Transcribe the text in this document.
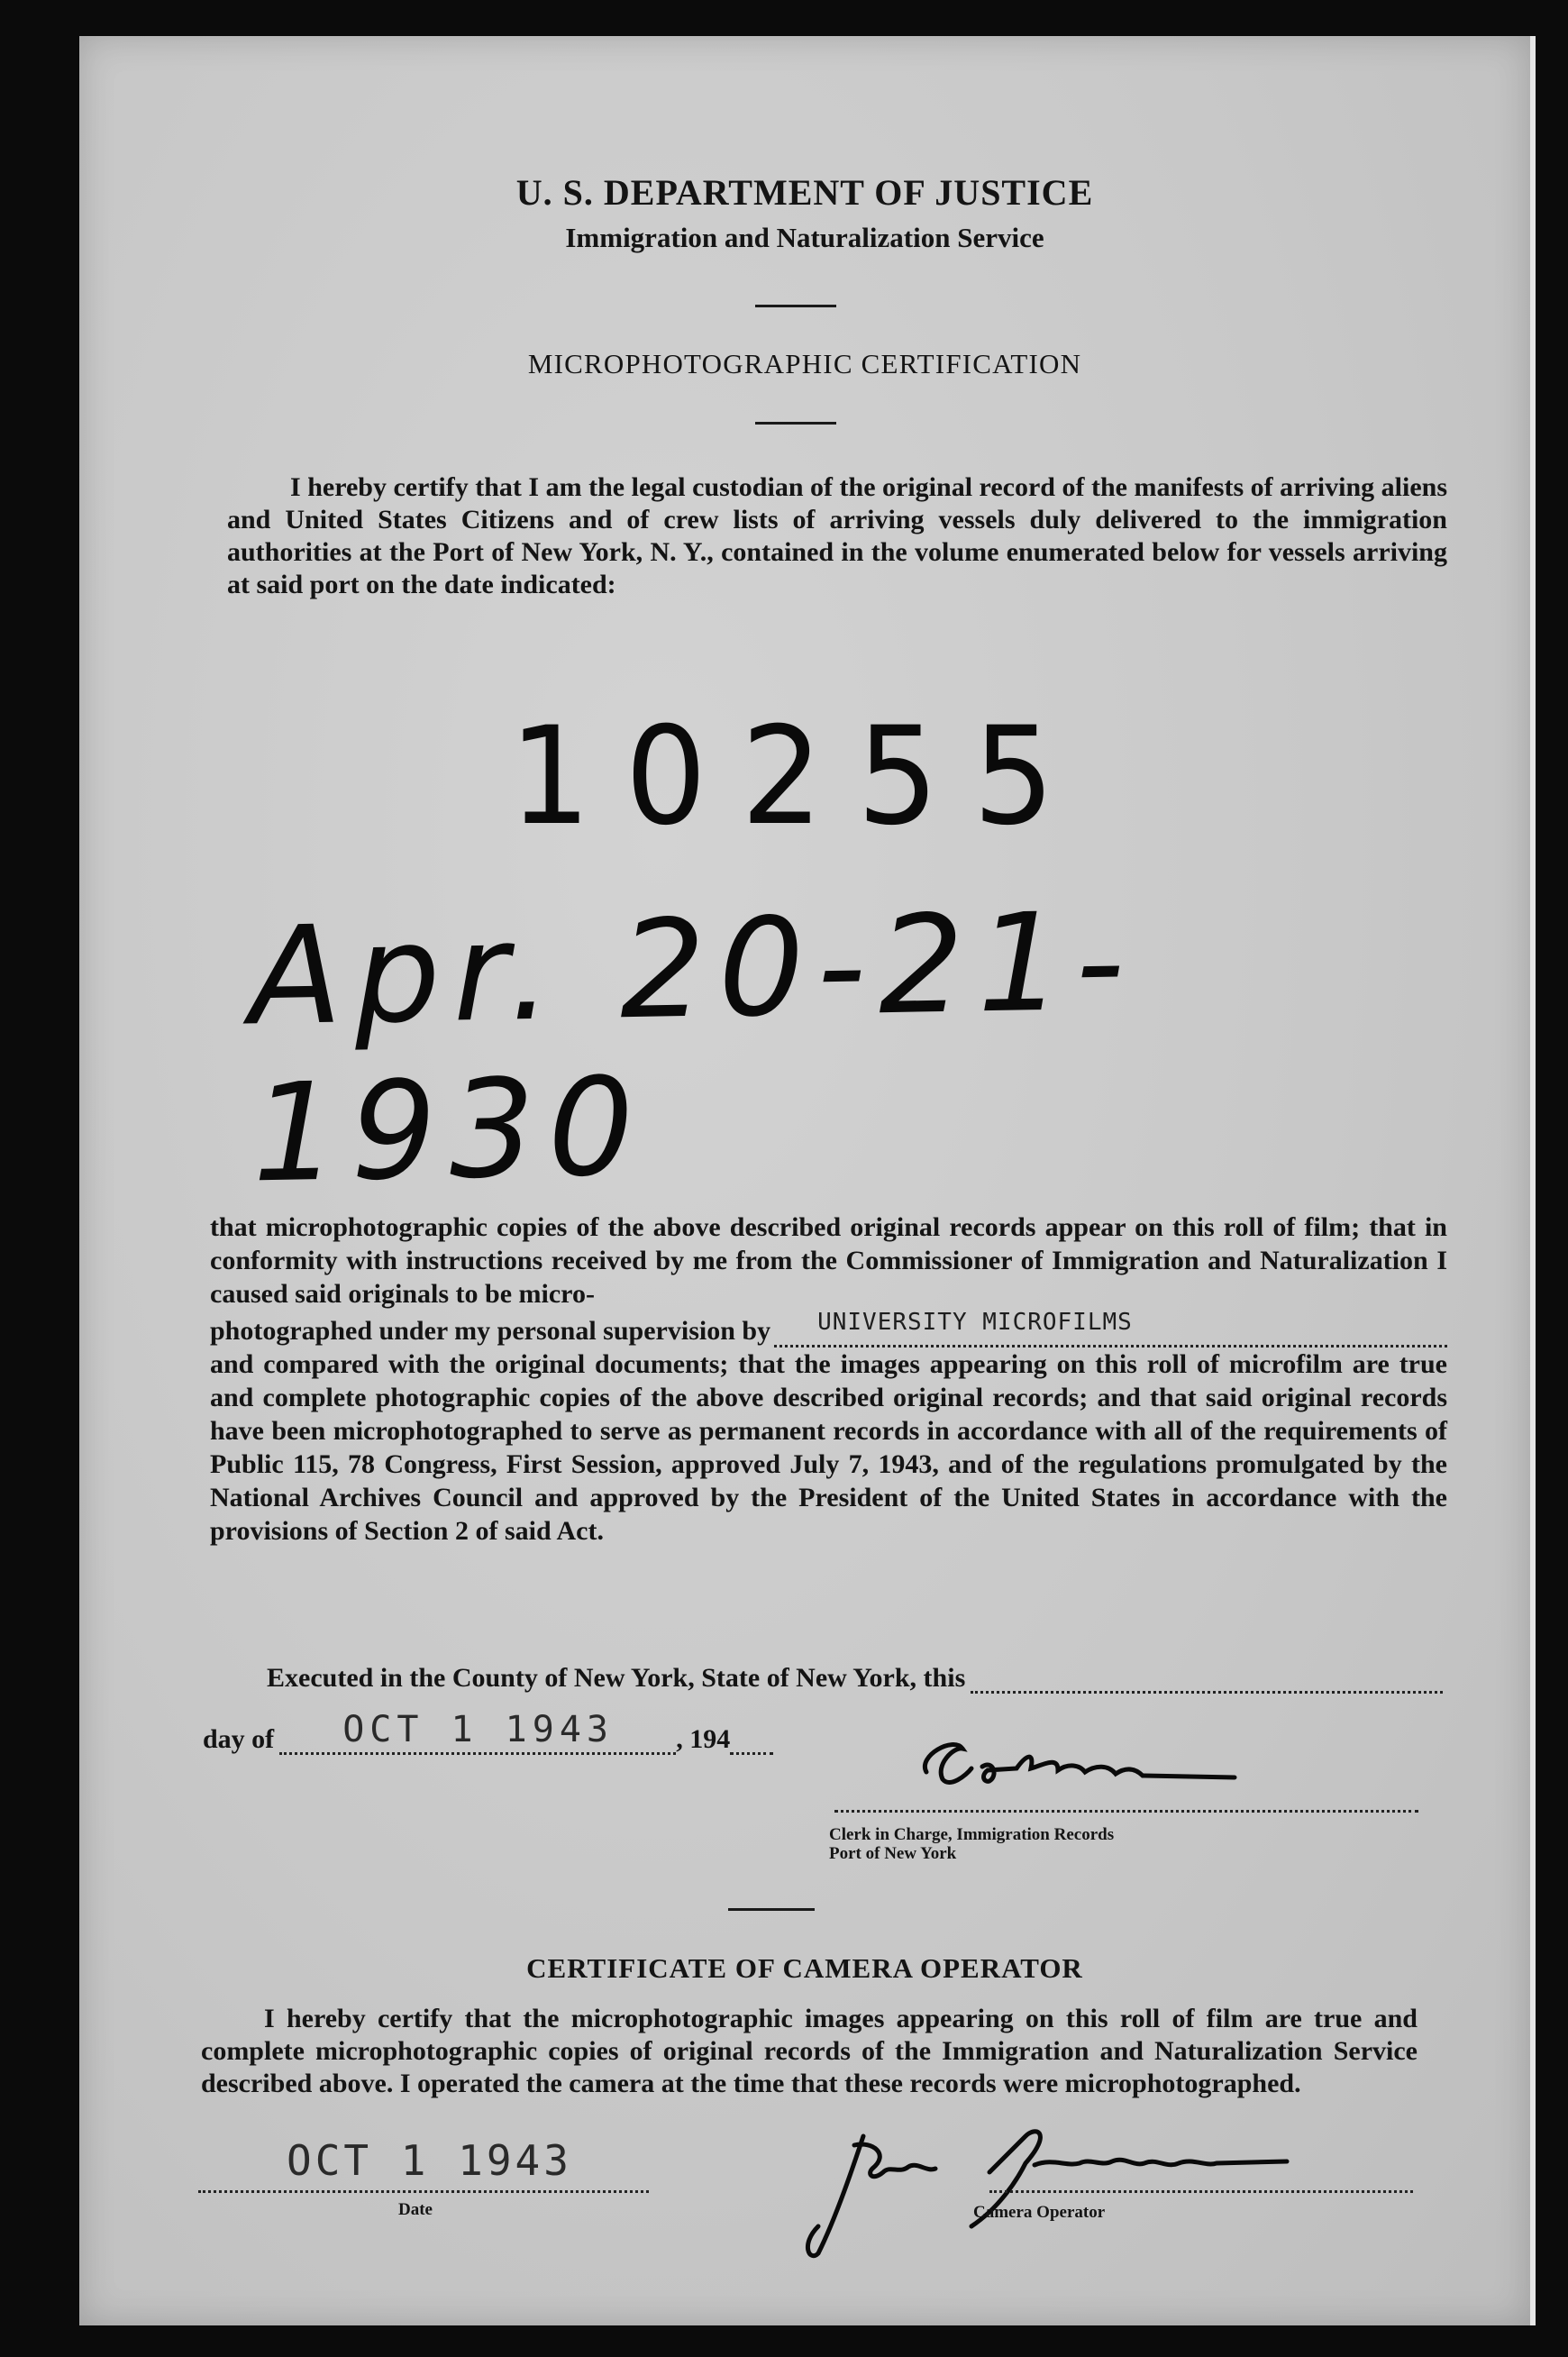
U. S. DEPARTMENT OF JUSTICE
Immigration and Naturalization Service
MICROPHOTOGRAPHIC CERTIFICATION
I hereby certify that I am the legal custodian of the original record of the manifests of arriving aliens and United States Citizens and of crew lists of arriving vessels duly delivered to the immigration authorities at the Port of New York, N. Y., contained in the volume enumerated below for vessels arriving at said port on the date indicated:
10255
Apr. 20-21-1930
that microphotographic copies of the above described original records appear on this roll of film; that in conformity with instructions received by me from the Commissioner of Immigration and Naturalization I caused said originals to be micro-
photographed under my personal supervision by UNIVERSITY MICROFILMS
and compared with the original documents; that the images appearing on this roll of microfilm are true and complete photographic copies of the above described original records; and that said original records have been microphotographed to serve as permanent records in accordance with all of the requirements of Public 115, 78 Congress, First Session, approved July 7, 1943, and of the regulations promulgated by the National Archives Council and approved by the President of the United States in accordance with the provisions of Section 2 of said Act.
Executed in the County of New York, State of New York, this
day of OCT 1 1943 , 194
Clerk in Charge, Immigration Records
Port of New York
CERTIFICATE OF CAMERA OPERATOR
I hereby certify that the microphotographic images appearing on this roll of film are true and complete microphotographic copies of original records of the Immigration and Naturalization Service described above. I operated the camera at the time that these records were microphotographed.
OCT 1 1943
Date	Camera Operator
